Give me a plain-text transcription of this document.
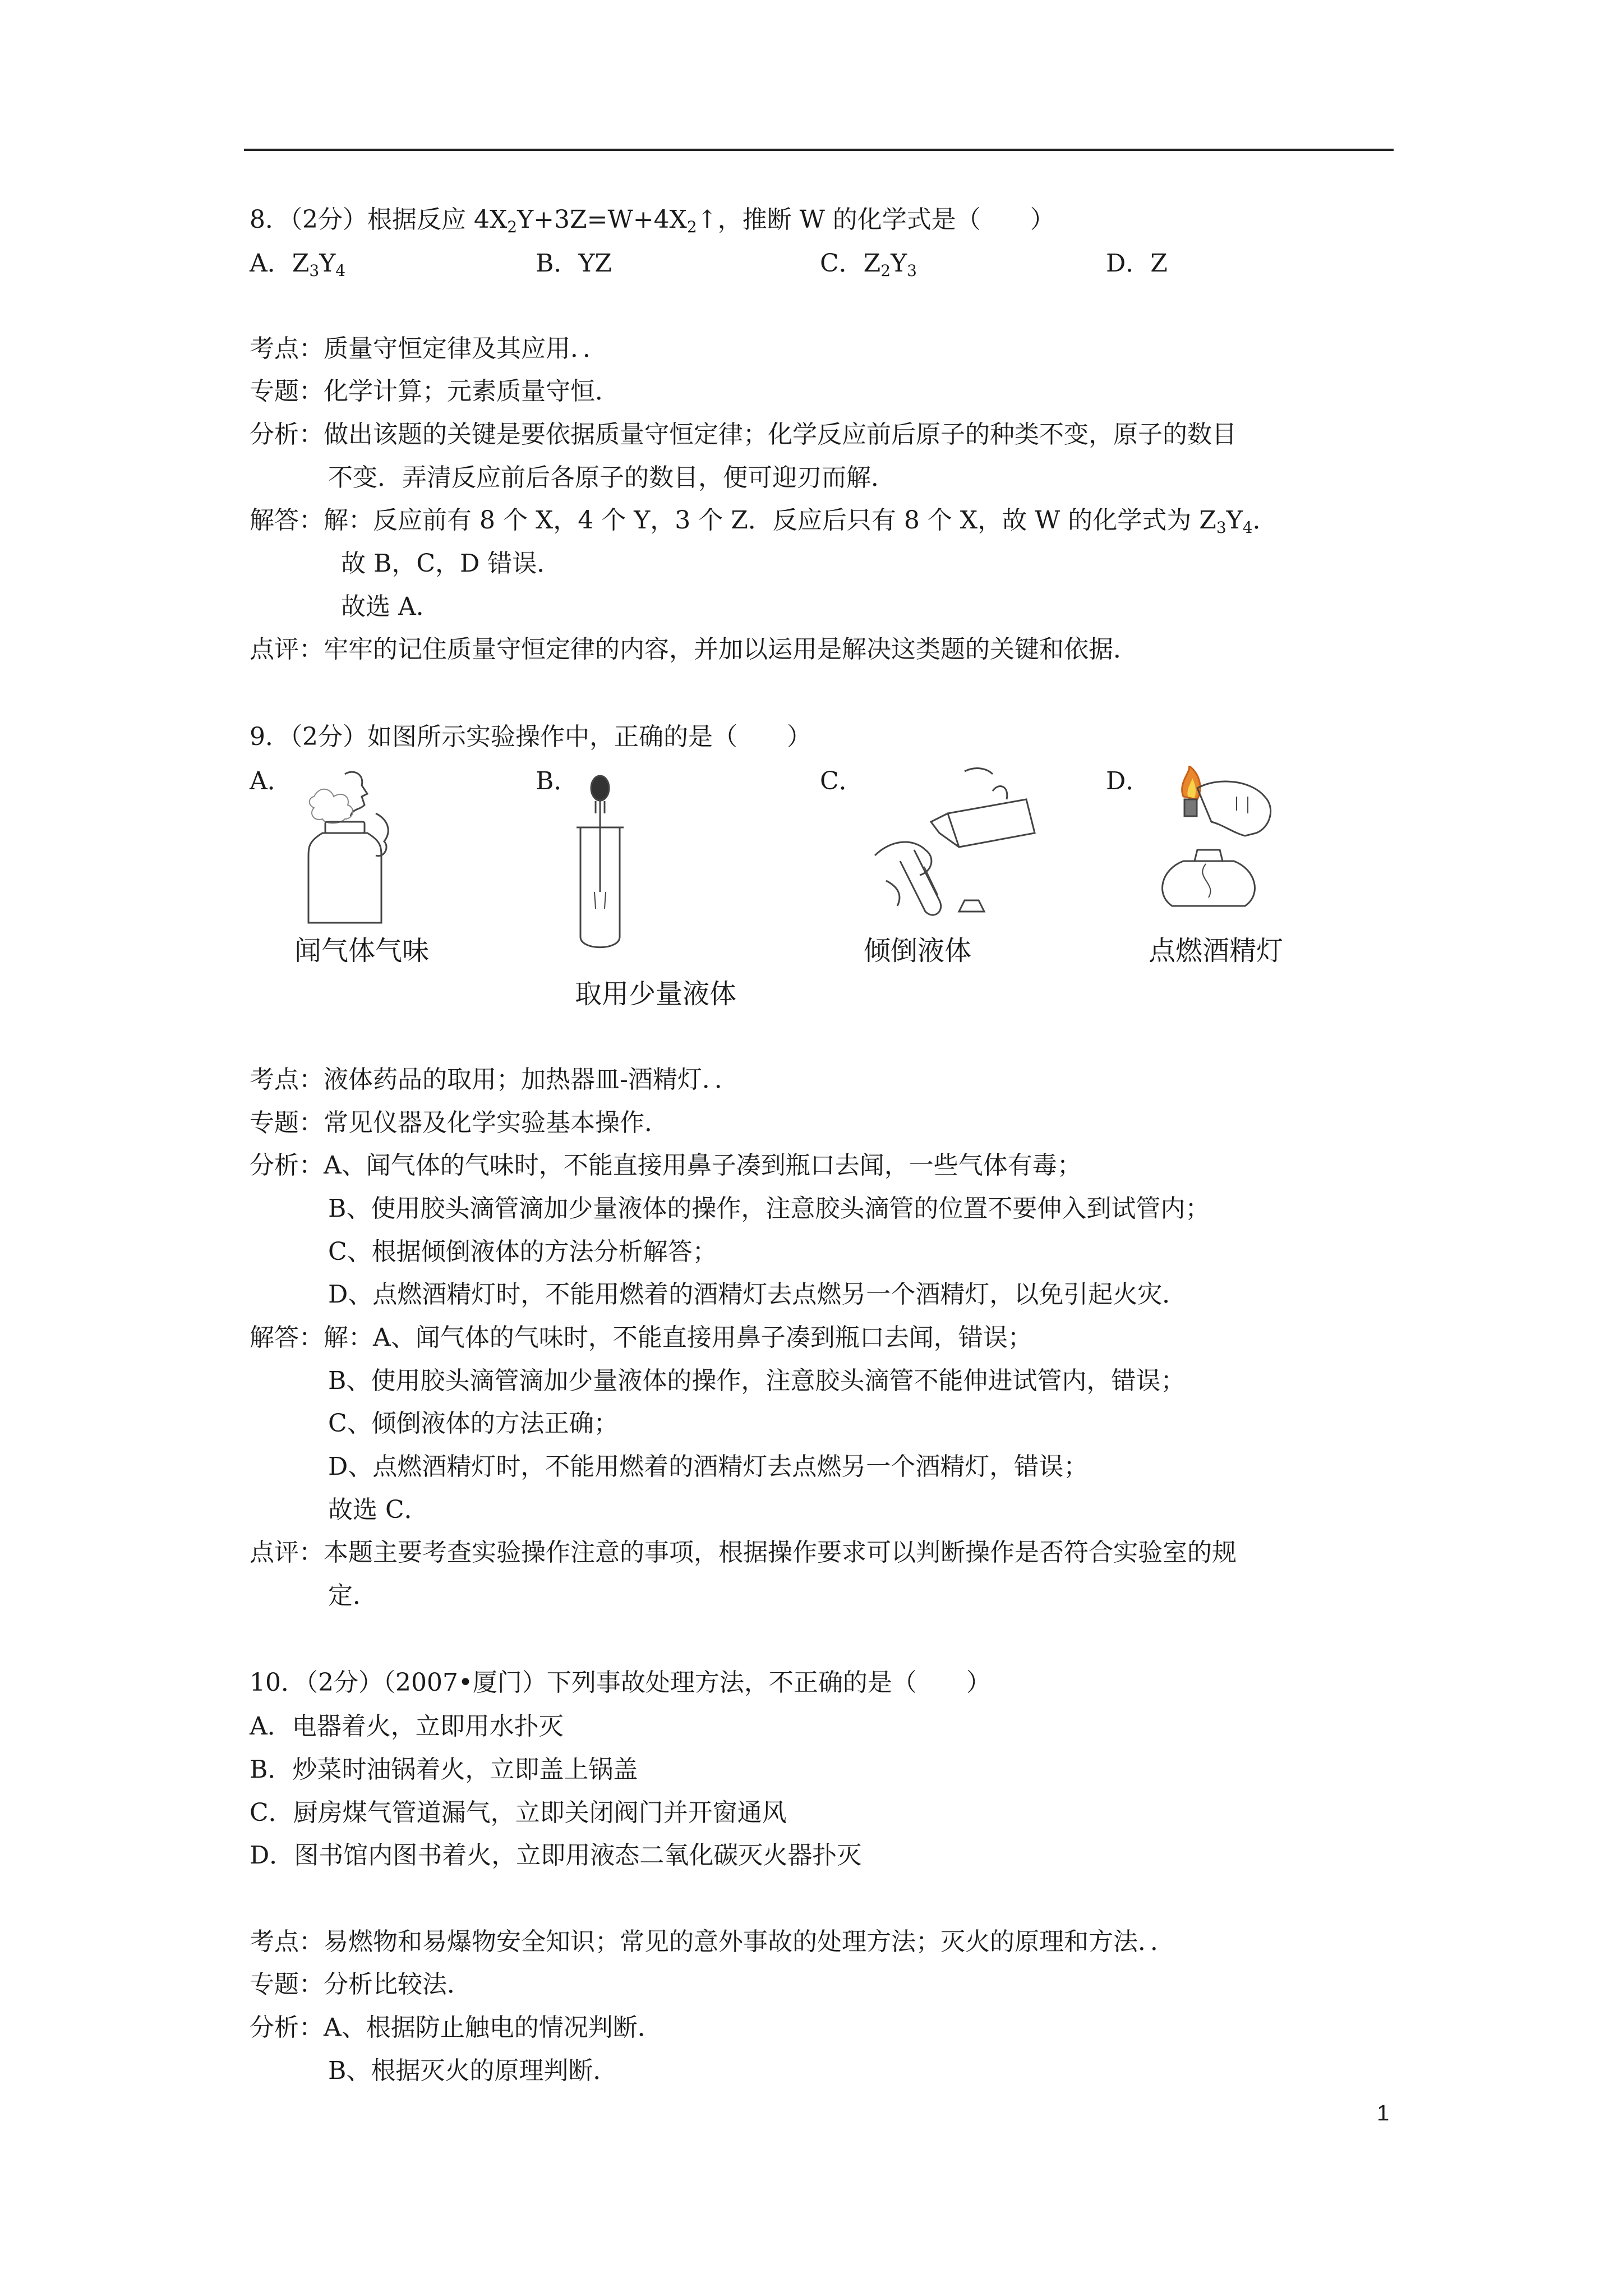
8．（2分）根据反应 $4X_2Y+3Z=W+4X_2↑$，推断 W 的化学式是（　　）
A．$Z_3Y_4$	B．YZ	C．$Z_2Y_3$	D．Z
考点：质量守恒定律及其应用．．
专题：化学计算；元素质量守恒．
分析：做出该题的关键是要依据质量守恒定律；化学反应前后原子的种类不变，原子的数目
不变．弄清反应前后各原子的数目，便可迎刃而解．
解答：解：反应前有 8 个 X，4 个 Y，3 个 Z．反应后只有 8 个 X，故 W 的化学式为 $Z_3Y_4$．
故 B，C，D 错误．
故选 A．
点评：牢牢的记住质量守恒定律的内容，并加以运用是解决这类题的关键和依据．
9．（2分）如图所示实验操作中，正确的是（　　）
A．	B．	C．	D．
闻气体气味
取用少量液体
倾倒液体	点燃酒精灯
考点：液体药品的取用；加热器皿-酒精灯．．
专题：常见仪器及化学实验基本操作．
分析：A、闻气体的气味时，不能直接用鼻子凑到瓶口去闻，一些气体有毒；
B、使用胶头滴管滴加少量液体的操作，注意胶头滴管的位置不要伸入到试管内；
C、根据倾倒液体的方法分析解答；
D、点燃酒精灯时，不能用燃着的酒精灯去点燃另一个酒精灯，以免引起火灾．
解答：解：A、闻气体的气味时，不能直接用鼻子凑到瓶口去闻，错误；
B、使用胶头滴管滴加少量液体的操作，注意胶头滴管不能伸进试管内，错误；
C、倾倒液体的方法正确；
D、点燃酒精灯时，不能用燃着的酒精灯去点燃另一个酒精灯，错误；
故选 C．
点评：本题主要考查实验操作注意的事项，根据操作要求可以判断操作是否符合实验室的规
定．
10．（2分）（2007•厦门）下列事故处理方法，不正确的是（　　）
A．电器着火，立即用水扑灭
B．炒菜时油锅着火，立即盖上锅盖
C．厨房煤气管道漏气，立即关闭阀门并开窗通风
D．图书馆内图书着火，立即用液态二氧化碳灭火器扑灭
考点：易燃物和易爆物安全知识；常见的意外事故的处理方法；灭火的原理和方法．．
专题：分析比较法．
分析：A、根据防止触电的情况判断．
B、根据灭火的原理判断．
1
